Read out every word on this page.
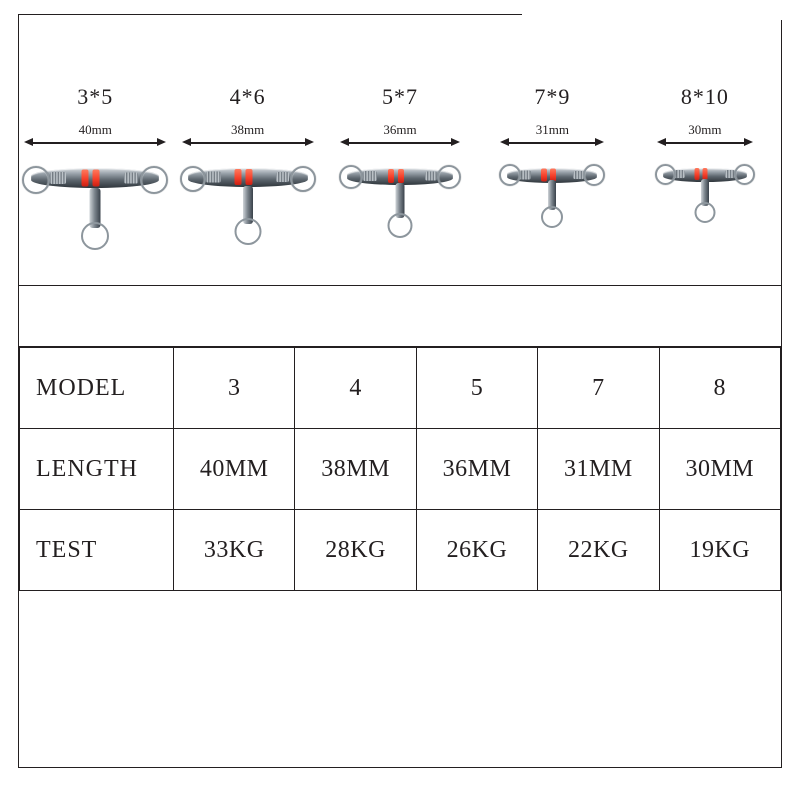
3*5
40mm
4*6
38mm
5*7
36mm
7*9
31mm
8*10
30mm
MODEL	3	4	5	7	8
LENGTH	40MM	38MM	36MM	31MM	30MM
TEST	33KG	28KG	26KG	22KG	19KG
